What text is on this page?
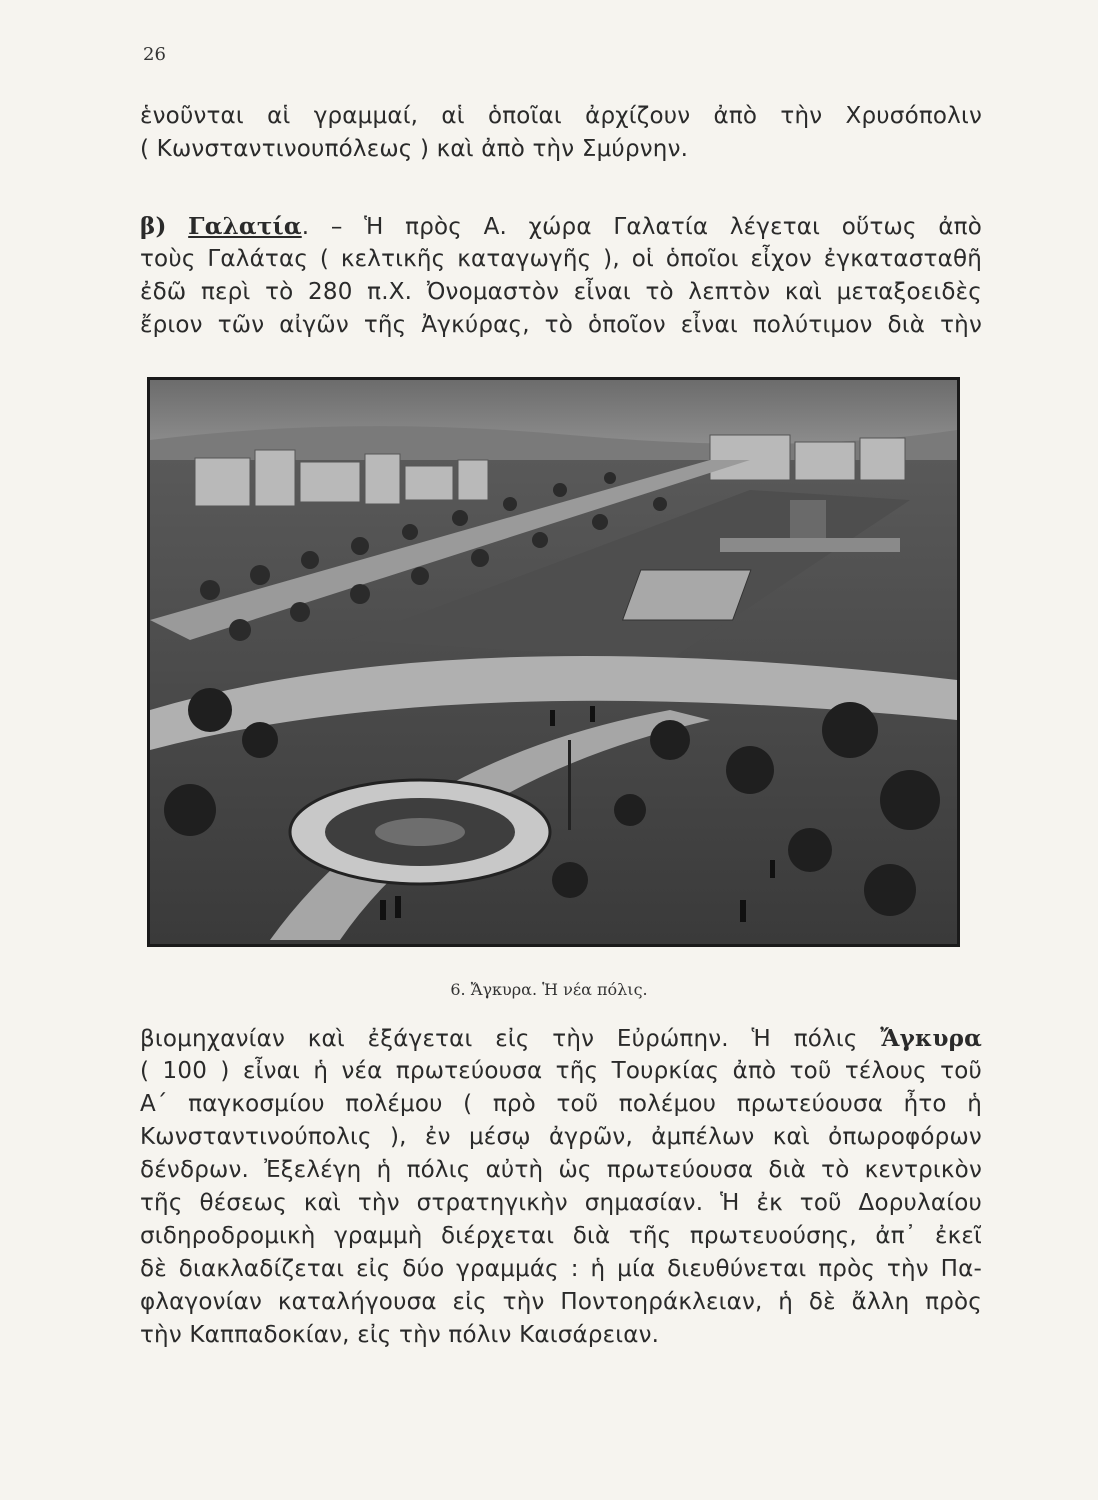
26
ἑνοῦνται αἱ γραμμαί, αἱ ὁποῖαι ἀρχίζουν ἀπὸ τὴν Χρυσόπολιν
( Κωνσταντινουπόλεως ) καὶ ἀπὸ τὴν Σμύρνην.
β) Γαλατία. – Ἡ πρὸς Α. χώρα Γαλατία λέγεται οὕτως ἀπὸ
τοὺς Γαλάτας ( κελτικῆς καταγωγῆς ), οἱ ὁποῖοι εἶχον ἐγκατασταθῆ
ἐδῶ περὶ τὸ 280 π.Χ. Ὀνομαστὸν εἶναι τὸ λεπτὸν καὶ μεταξοειδὲς
ἔριον τῶν αἰγῶν τῆς Ἀγκύρας, τὸ ὁποῖον εἶναι πολύτιμον διὰ τὴν
6. Ἄγκυρα. Ἡ νέα πόλις.
βιομηχανίαν καὶ ἐξάγεται εἰς τὴν Εὐρώπην. Ἡ πόλις Ἄγκυρα
( 100 ) εἶναι ἡ νέα πρωτεύουσα τῆς Τουρκίας ἀπὸ τοῦ τέλους τοῦ
Α΄ παγκοσμίου πολέμου ( πρὸ τοῦ πολέμου πρωτεύουσα ἦτο ἡ
Κωνσταντινούπολις ), ἐν μέσῳ ἀγρῶν, ἀμπέλων καὶ ὀπωροφόρων
δένδρων. Ἐξελέγη ἡ πόλις αὐτὴ ὡς πρωτεύουσα διὰ τὸ κεντρικὸν
τῆς θέσεως καὶ τὴν στρατηγικὴν σημασίαν. Ἡ ἐκ τοῦ Δορυλαίου
σιδηροδρομικὴ γραμμὴ διέρχεται διὰ τῆς πρωτευούσης, ἀπ᾽ ἐκεῖ
δὲ διακλαδίζεται εἰς δύο γραμμάς : ἡ μία διευθύνεται πρὸς τὴν Πα-
φλαγονίαν καταλήγουσα εἰς τὴν Ποντοηράκλειαν, ἡ δὲ ἄλλη πρὸς
τὴν Καππαδοκίαν, εἰς τὴν πόλιν Καισάρειαν.
